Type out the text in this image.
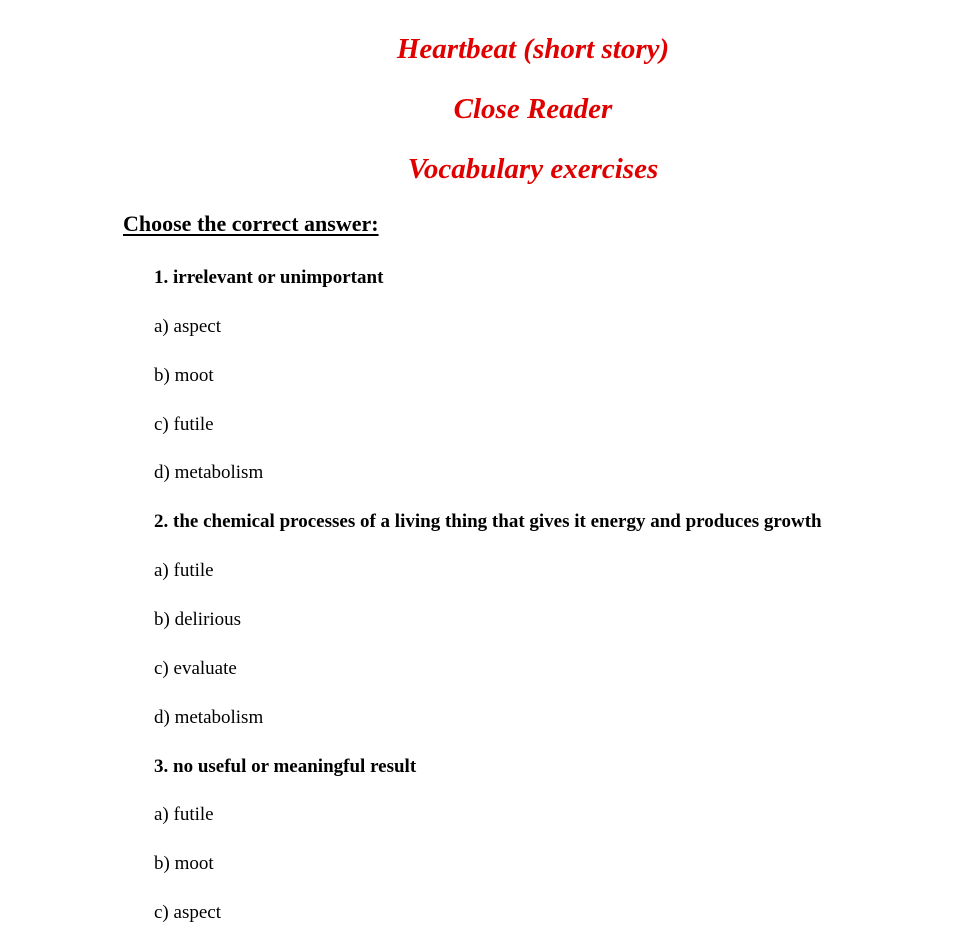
Heartbeat (short story)
Close Reader
Vocabulary exercises
Choose the correct answer:
1. irrelevant or unimportant
a) aspect
b) moot
c) futile
d) metabolism
2. the chemical processes of a living thing that gives it energy and produces growth
a) futile
b) delirious
c) evaluate
d) metabolism
3. no useful or meaningful result
a) futile
b) moot
c) aspect
